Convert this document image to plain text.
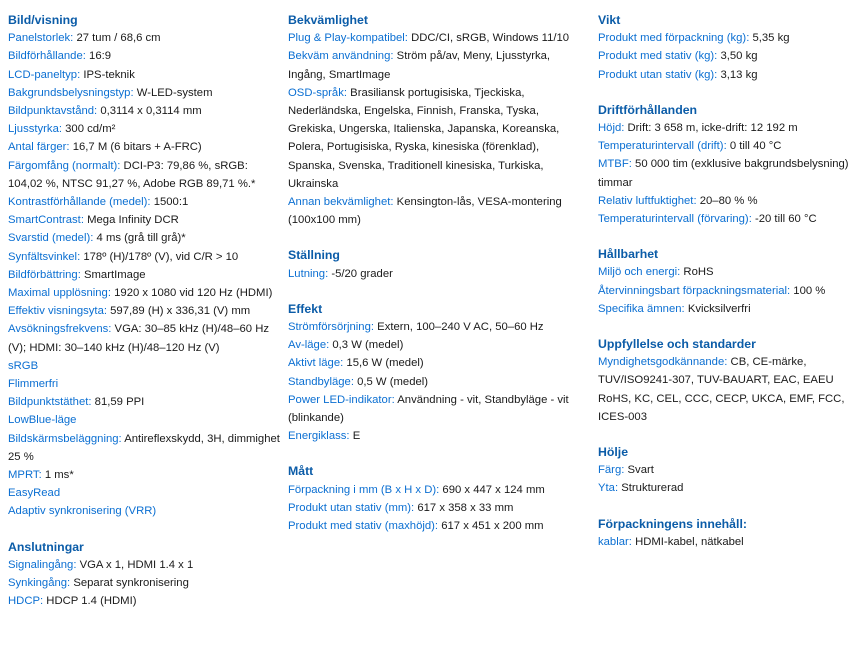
Bild/visning
Panelstorlek: 27 tum / 68,6 cm
Bildförhållande: 16:9
LCD-paneltyp: IPS-teknik
Bakgrundsbelysningstyp: W-LED-system
Bildpunktavstånd: 0,3114 x 0,3114 mm
Ljusstyrka: 300 cd/m²
Antal färger: 16,7 M (6 bitars + A-FRC)
Färgomfång (normalt): DCI-P3: 79,86 %, sRGB: 104,02 %, NTSC 91,27 %, Adobe RGB 89,71 %.*
Kontrastförhållande (medel): 1500:1
SmartContrast: Mega Infinity DCR
Svarstid (medel): 4 ms (grå till grå)*
Synfältsvinkel: 178º (H)/178º (V), vid C/R > 10
Bildförbättring: SmartImage
Maximal upplösning: 1920 x 1080 vid 120 Hz (HDMI)
Effektiv visningsyta: 597,89 (H) x 336,31 (V) mm
Avsökningsfrekvens: VGA: 30–85 kHz (H)/48–60 Hz (V); HDMI: 30–140 kHz (H)/48–120 Hz (V)
sRGB
Flimmerfri
Bildpunktstäthet: 81,59 PPI
LowBlue-läge
Bildskärmsbeläggning: Antireflexskydd, 3H, dimmighet 25 %
MPRT: 1 ms*
EasyRead
Adaptiv synkronisering (VRR)
Anslutningar
Signalingång: VGA x 1, HDMI 1.4 x 1
Synkingång: Separat synkronisering
HDCP: HDCP 1.4 (HDMI)
Bekvämlighet
Plug & Play-kompatibel: DDC/CI, sRGB, Windows 11/10
Bekväm användning: Ström på/av, Meny, Ljusstyrka, Ingång, SmartImage
OSD-språk: Brasiliansk portugisiska, Tjeckiska, Nederländska, Engelska, Finnish, Franska, Tyska, Grekiska, Ungerska, Italienska, Japanska, Koreanska, Polera, Portugisiska, Ryska, kinesiska (förenklad), Spanska, Svenska, Traditionell kinesiska, Turkiska, Ukrainska
Annan bekvämlighet: Kensington-lås, VESA-montering (100x100 mm)
Ställning
Lutning: -5/20 grader
Effekt
Strömförsörjning: Extern, 100–240 V AC, 50–60 Hz
Av-läge: 0,3 W (medel)
Aktivt läge: 15,6 W (medel)
Standbyläge: 0,5 W (medel)
Power LED-indikator: Användning - vit, Standbyläge - vit (blinkande)
Energiklass: E
Mått
Förpackning i mm (B x H x D): 690 x 447 x 124 mm
Produkt utan stativ (mm): 617 x 358 x 33 mm
Produkt med stativ (maxhöjd): 617 x 451 x 200 mm
Vikt
Produkt med förpackning (kg): 5,35 kg
Produkt med stativ (kg): 3,50 kg
Produkt utan stativ (kg): 3,13 kg
Driftförhållanden
Höjd: Drift: 3 658 m, icke-drift: 12 192 m
Temperaturintervall (drift): 0 till 40 °C
MTBF: 50 000 tim (exklusive bakgrundsbelysning) timmar
Relativ luftfuktighet: 20–80 % %
Temperaturintervall (förvaring): -20 till 60 °C
Hållbarhet
Miljö och energi: RoHS
Återvinningsbart förpackningsmaterial: 100 %
Specifika ämnen: Kvicksilverfri
Uppfyllelse och standarder
Myndighetsgodkännande: CB, CE-märke, TUV/ISO9241-307, TUV-BAUART, EAC, EAEU RoHS, KC, CEL, CCC, CECP, UKCA, EMF, FCC, ICES-003
Hölje
Färg: Svart
Yta: Strukturerad
Förpackningens innehåll:
kablar: HDMI-kabel, nätkabel
